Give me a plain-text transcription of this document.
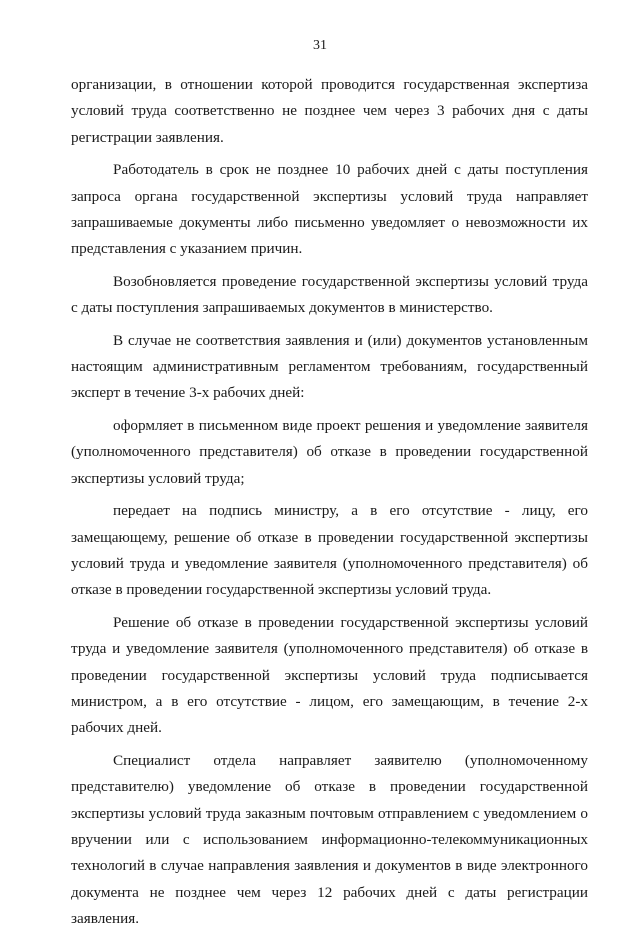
31

организации, в отношении которой проводится государственная экспертиза условий труда соответственно не позднее чем через 3 рабочих дня с даты регистрации заявления.

Работодатель в срок не позднее 10 рабочих дней с даты поступления запроса органа государственной экспертизы условий труда направляет запрашиваемые документы либо письменно уведомляет о невозможности их представления с указанием причин.

Возобновляется проведение государственной экспертизы условий труда с даты поступления запрашиваемых документов в министерство.

В случае не соответствия заявления и (или) документов установленным настоящим административным регламентом требованиям, государственный эксперт в течение 3-х рабочих дней:

оформляет в письменном виде проект решения и уведомление заявителя (уполномоченного представителя) об отказе в проведении государственной экспертизы условий труда;

передает на подпись министру, а в его отсутствие - лицу, его замещающему, решение об отказе в проведении государственной экспертизы условий труда и уведомление заявителя (уполномоченного представителя) об отказе в проведении государственной экспертизы условий труда.

Решение об отказе в проведении государственной экспертизы условий труда и уведомление заявителя (уполномоченного представителя) об отказе в проведении государственной экспертизы условий труда подписывается министром, а в его отсутствие - лицом, его замещающим, в течение 2-х рабочих дней.

Специалист отдела направляет заявителю (уполномоченному представителю) уведомление об отказе в проведении государственной экспертизы условий труда заказным почтовым отправлением с уведомлением о вручении или с использованием информационно-телекоммуникационных технологий в случае направления заявления и документов в виде электронного документа не позднее чем через 12 рабочих дней с даты регистрации заявления.
